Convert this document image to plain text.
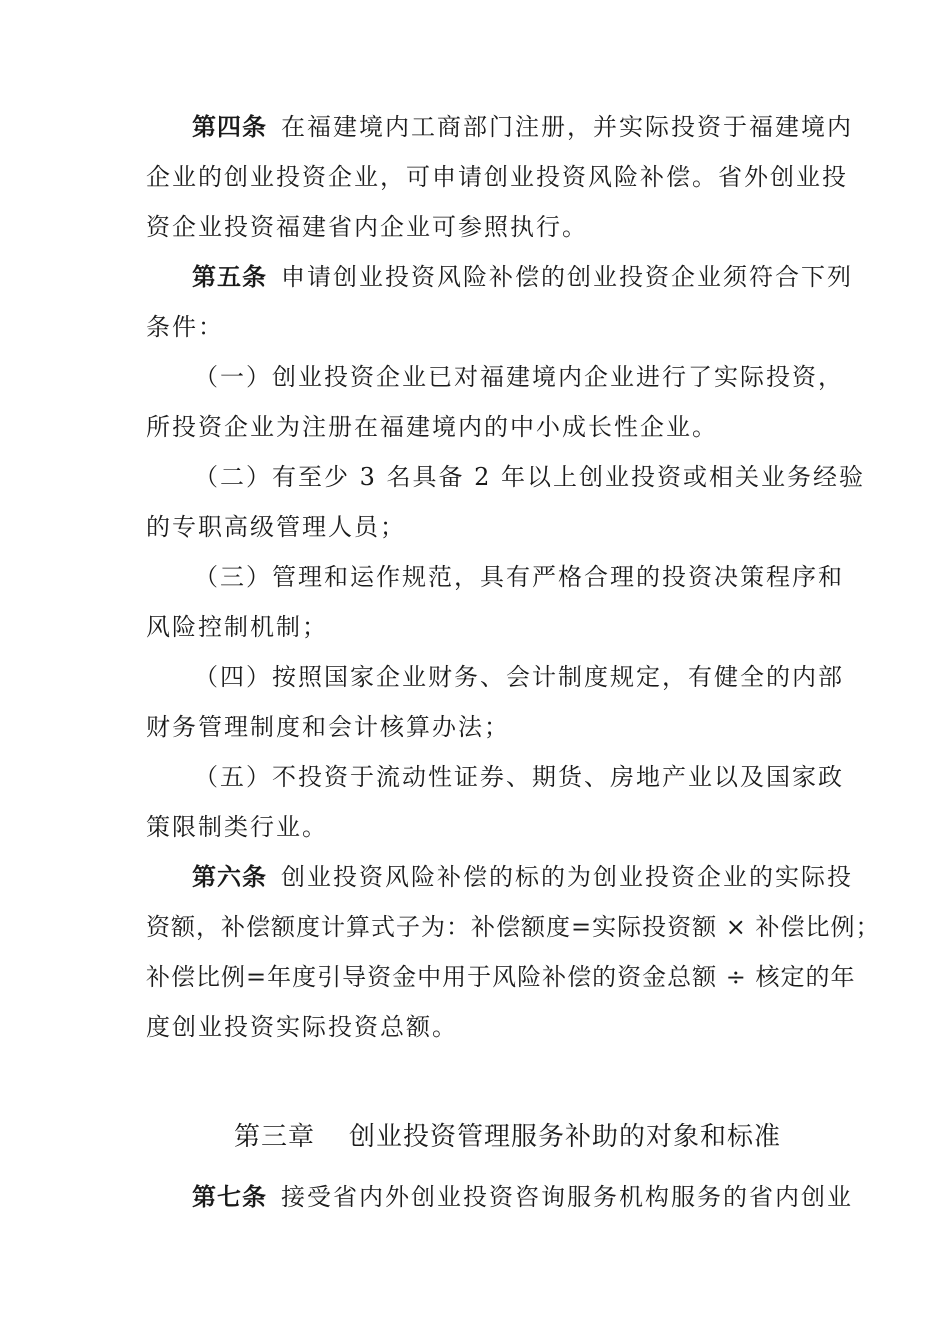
第四条 在福建境内工商部门注册，并实际投资于福建境内
企业的创业投资企业，可申请创业投资风险补偿。省外创业投
资企业投资福建省内企业可参照执行。
第五条 申请创业投资风险补偿的创业投资企业须符合下列
条件：
（一）创业投资企业已对福建境内企业进行了实际投资，
所投资企业为注册在福建境内的中小成长性企业。
（二）有至少 3 名具备 2 年以上创业投资或相关业务经验
的专职高级管理人员；
（三）管理和运作规范，具有严格合理的投资决策程序和
风险控制机制；
（四）按照国家企业财务、会计制度规定，有健全的内部
财务管理制度和会计核算办法；
（五）不投资于流动性证券、期货、房地产业以及国家政
策限制类行业。
第六条 创业投资风险补偿的标的为创业投资企业的实际投
资额，补偿额度计算式子为：补偿额度=实际投资额 × 补偿比例；
补偿比例=年度引导资金中用于风险补偿的资金总额 ÷ 核定的年
度创业投资实际投资总额。
第三章 创业投资管理服务补助的对象和标准
第七条 接受省内外创业投资咨询服务机构服务的省内创业
